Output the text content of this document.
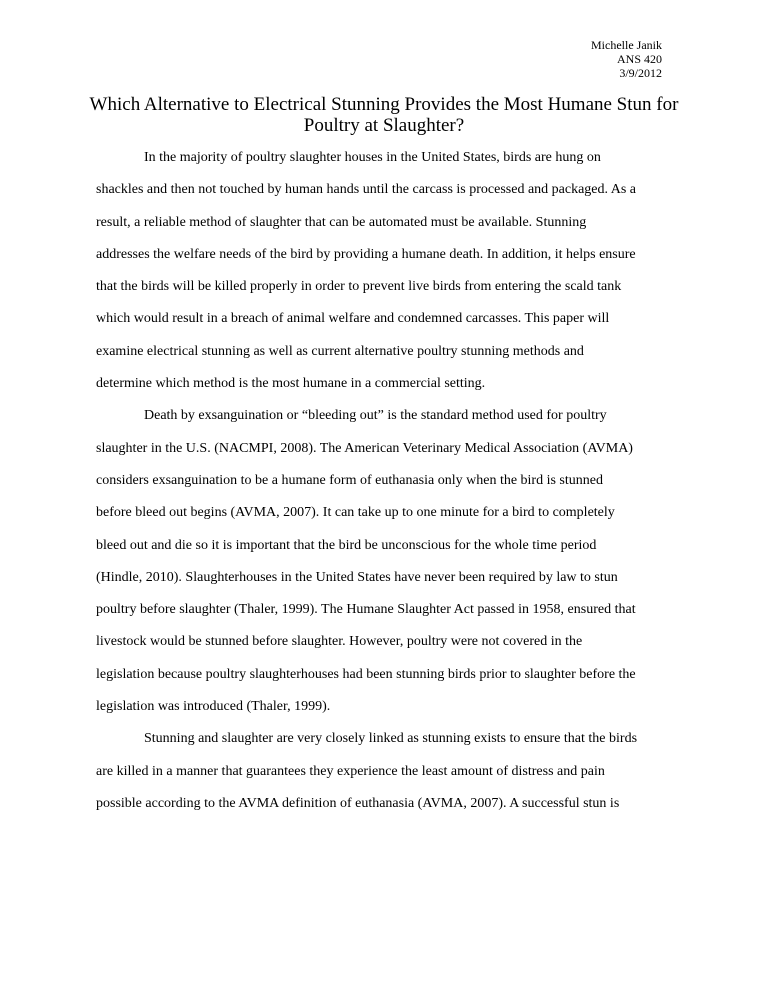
Michelle Janik
ANS 420
3/9/2012
Which Alternative to Electrical Stunning Provides the Most Humane Stun for
Poultry at Slaughter?
In the majority of poultry slaughter houses in the United States, birds are hung on
shackles and then not touched by human hands until the carcass is processed and packaged. As a
result, a reliable method of slaughter that can be automated must be available. Stunning
addresses the welfare needs of the bird by providing a humane death. In addition, it helps ensure
that the birds will be killed properly in order to prevent live birds from entering the scald tank
which would result in a breach of animal welfare and condemned carcasses. This paper will
examine electrical stunning as well as current alternative poultry stunning methods and
determine which method is the most humane in a commercial setting.
Death by exsanguination or “bleeding out” is the standard method used for poultry
slaughter in the U.S. (NACMPI, 2008). The American Veterinary Medical Association (AVMA)
considers exsanguination to be a humane form of euthanasia only when the bird is stunned
before bleed out begins (AVMA, 2007). It can take up to one minute for a bird to completely
bleed out and die so it is important that the bird be unconscious for the whole time period
(Hindle, 2010). Slaughterhouses in the United States have never been required by law to stun
poultry before slaughter (Thaler, 1999). The Humane Slaughter Act passed in 1958, ensured that
livestock would be stunned before slaughter. However, poultry were not covered in the
legislation because poultry slaughterhouses had been stunning birds prior to slaughter before the
legislation was introduced (Thaler, 1999).
Stunning and slaughter are very closely linked as stunning exists to ensure that the birds
are killed in a manner that guarantees they experience the least amount of distress and pain
possible according to the AVMA definition of euthanasia (AVMA, 2007). A successful stun is
